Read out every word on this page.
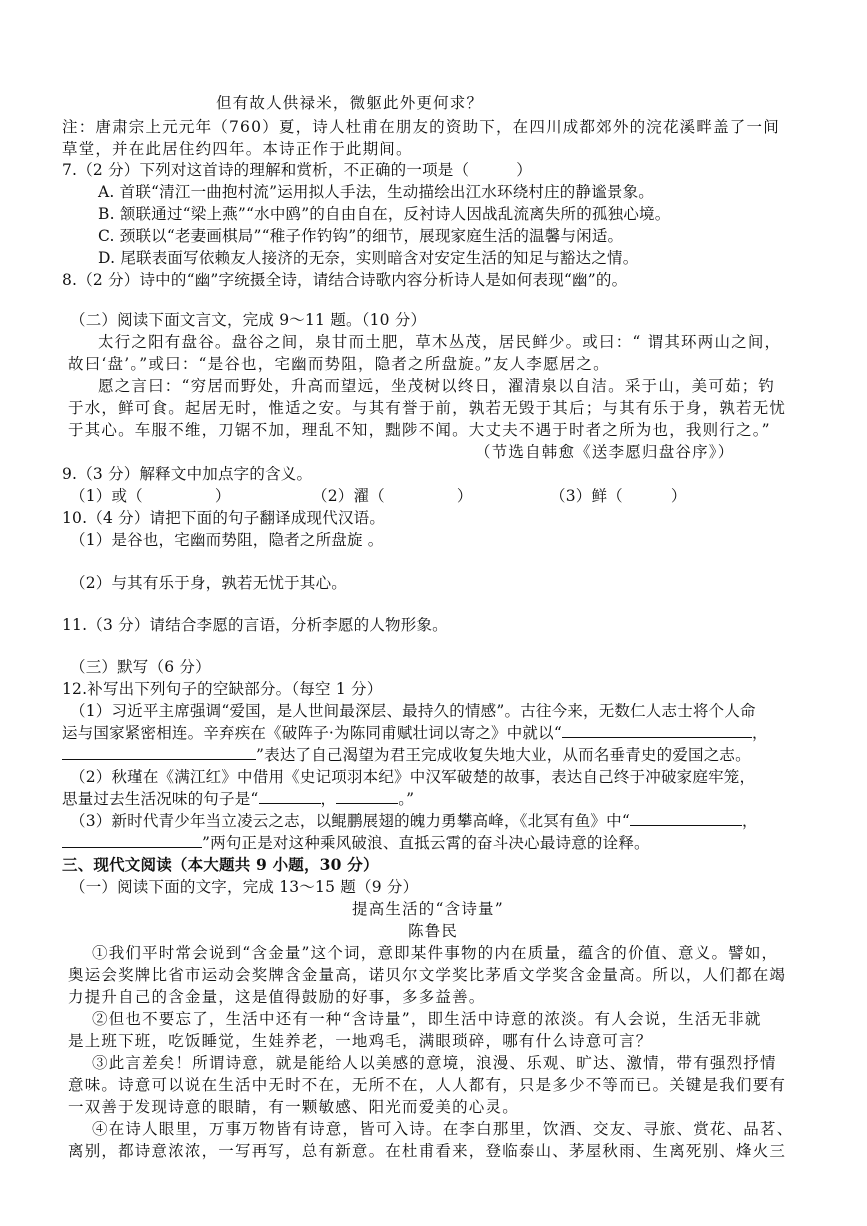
但有故人供禄米，微躯此外更何求？
注：唐肃宗上元元年（760）夏，诗人杜甫在朋友的资助下，在四川成都郊外的浣花溪畔盖了一间
草堂，并在此居住约四年。本诗正作于此期间。
7.（2 分）下列对这首诗的理解和赏析，不正确的一项是（　　　）
A. 首联“清江一曲抱村流”运用拟人手法，生动描绘出江水环绕村庄的静谧景象。
B. 颔联通过“梁上燕”“水中鸥”的自由自在，反衬诗人因战乱流离失所的孤独心境。
C. 颈联以“老妻画棋局”“稚子作钓钩”的细节，展现家庭生活的温馨与闲适。
D. 尾联表面写依赖友人接济的无奈，实则暗含对安定生活的知足与豁达之情。
8.（2 分）诗中的“幽”字统摄全诗，请结合诗歌内容分析诗人是如何表现“幽”的。
（二）阅读下面文言文，完成 9～11 题。（10 分）
太行之阳有盘谷。盘谷之间，泉甘而土肥，草木丛茂，居民鲜少。或曰：“ 谓其环两山之间，
故曰‘盘’。”或曰：“是谷也，宅幽而势阻，隐者之所盘旋。”友人李愿居之。
愿之言曰：“穷居而野处，升高而望远，坐茂树以终日，濯清泉以自洁。采于山，美可茹；钓
于水，鲜可食。起居无时，惟适之安。与其有誉于前，孰若无毁于其后；与其有乐于身，孰若无忧
于其心。车服不维，刀锯不加，理乱不知，黜陟不闻。大丈夫不遇于时者之所为也，我则行之。”
（节选自韩愈《送李愿归盘谷序》）
9.（3 分）解释文中加点字的含义。
（1）或（	）	（2）濯（	）	（3）鲜（	）
10.（4 分）请把下面的句子翻译成现代汉语。
（1）是谷也，宅幽而势阻，隐者之所盘旋 。
（2）与其有乐于身，孰若无忧于其心。
11.（3 分）请结合李愿的言语，分析李愿的人物形象。
（三）默写（6 分）
12.补写出下列句子的空缺部分。（每空 1 分）
（1）习近平主席强调“爱国，是人世间最深层、最持久的情感”。古往今来，无数仁人志士将个人命
运与国家紧密相连。辛弃疾在《破阵子·为陈同甫赋壮词以寄之》中就以“	，
”表达了自己渴望为君王完成收复失地大业，从而名垂青史的爱国之志。
（2）秋瑾在《满江红》中借用《史记项羽本纪》中汉军破楚的故事，表达自己终于冲破家庭牢笼，
思量过去生活况味的句子是“	，	。”
（3）新时代青少年当立凌云之志，以鲲鹏展翅的魄力勇攀高峰，《北冥有鱼》中“	，
”两句正是对这种乘风破浪、直抵云霄的奋斗决心最诗意的诠释。
三、现代文阅读（本大题共 9 小题，30 分）
（一）阅读下面的文字，完成 13～15 题（9 分）
提高生活的“含诗量”
陈鲁民
①我们平时常会说到“含金量”这个词，意即某件事物的内在质量，蕴含的价值、意义。譬如，
奥运会奖牌比省市运动会奖牌含金量高，诺贝尔文学奖比茅盾文学奖含金量高。所以，人们都在竭
力提升自己的含金量，这是值得鼓励的好事，多多益善。
②但也不要忘了，生活中还有一种“含诗量”，即生活中诗意的浓淡。有人会说，生活无非就
是上班下班，吃饭睡觉，生娃养老，一地鸡毛，满眼琐碎，哪有什么诗意可言？
③此言差矣！所谓诗意，就是能给人以美感的意境，浪漫、乐观、旷达、激情，带有强烈抒情
意味。诗意可以说在生活中无时不在，无所不在，人人都有，只是多少不等而已。关键是我们要有
一双善于发现诗意的眼睛，有一颗敏感、阳光而爱美的心灵。
④在诗人眼里，万事万物皆有诗意，皆可入诗。在李白那里，饮酒、交友、寻旅、赏花、品茗、
离别，都诗意浓浓，一写再写，总有新意。在杜甫看来，登临泰山、茅屋秋雨、生离死别、烽火三
